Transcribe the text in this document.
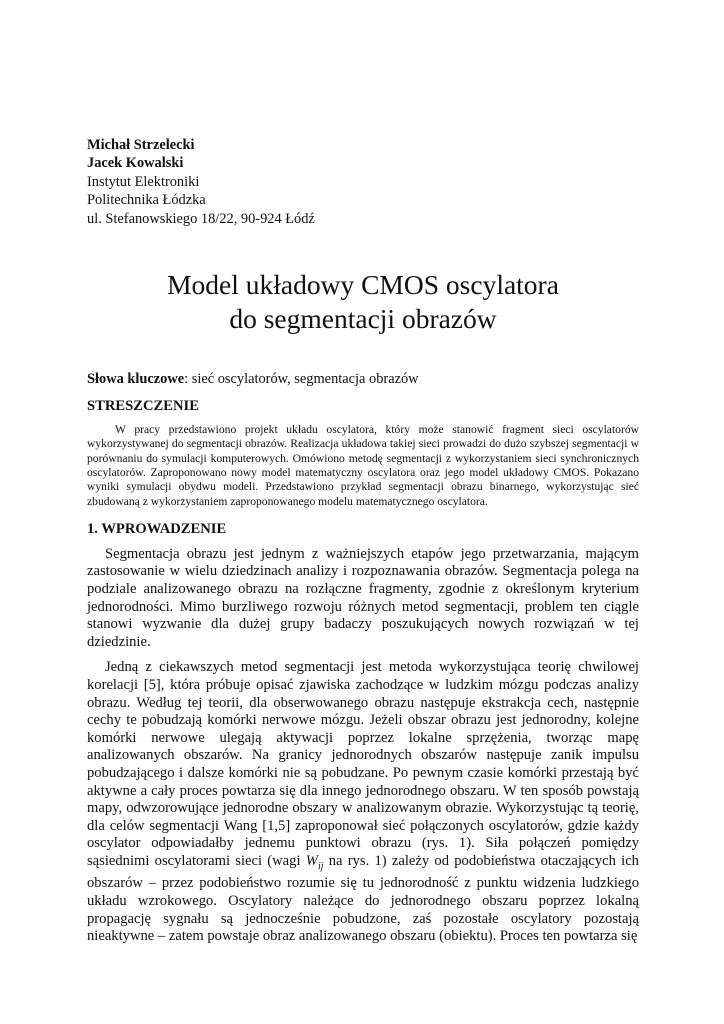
Michał Strzelecki
Jacek Kowalski
Instytut Elektroniki
Politechnika Łódzka
ul. Stefanowskiego 18/22, 90-924 Łódź
Model układowy CMOS oscylatora
do segmentacji obrazów
Słowa kluczowe: sieć oscylatorów, segmentacja obrazów
STRESZCZENIE
W pracy przedstawiono projekt układu oscylatora, który może stanowić fragment sieci oscylatorów wykorzystywanej do segmentacji obrazów. Realizacja układowa takiej sieci prowadzi do dużo szybszej segmentacji w porównaniu do symulacji komputerowych. Omówiono metodę segmentacji z wykorzystaniem sieci synchronicznych oscylatorów. Zaproponowano nowy model matematyczny oscylatora oraz jego model układowy CMOS. Pokazano wyniki symulacji obydwu modeli. Przedstawiono przykład segmentacji obrazu binarnego, wykorzystując sieć zbudowaną z wykorzystaniem zaproponowanego modelu matematycznego oscylatora.
1. WPROWADZENIE
Segmentacja obrazu jest jednym z ważniejszych etapów jego przetwarzania, mającym zastosowanie w wielu dziedzinach analizy i rozpoznawania obrazów. Segmentacja polega na podziale analizowanego obrazu na rozłączne fragmenty, zgodnie z określonym kryterium jednorodności. Mimo burzliwego rozwoju różnych metod segmentacji, problem ten ciągle stanowi wyzwanie dla dużej grupy badaczy poszukujących nowych rozwiązań w tej dziedzinie.
Jedną z ciekawszych metod segmentacji jest metoda wykorzystująca teorię chwilowej korelacji [5], która próbuje opisać zjawiska zachodzące w ludzkim mózgu podczas analizy obrazu. Według tej teorii, dla obserwowanego obrazu następuje ekstrakcja cech, następnie cechy te pobudzają komórki nerwowe mózgu. Jeżeli obszar obrazu jest jednorodny, kolejne komórki nerwowe ulegają aktywacji poprzez lokalne sprzężenia, tworząc mapę analizowanych obszarów. Na granicy jednorodnych obszarów następuje zanik impulsu pobudzającego i dalsze komórki nie są pobudzane. Po pewnym czasie komórki przestają być aktywne a cały proces powtarza się dla innego jednorodnego obszaru. W ten sposób powstają mapy, odwzorowujące jednorodne obszary w analizowanym obrazie. Wykorzystując tą teorię, dla celów segmentacji Wang [1,5] zaproponował sieć połączonych oscylatorów, gdzie każdy oscylator odpowiadałby jednemu punktowi obrazu (rys. 1). Siła połączeń pomiędzy sąsiednimi oscylatorami sieci (wagi $W_{ij}$ na rys. 1) zależy od podobieństwa otaczających ich obszarów – przez podobieństwo rozumie się tu jednorodność z punktu widzenia ludzkiego układu wzrokowego. Oscylatory należące do jednorodnego obszaru poprzez lokalną propagację sygnału są jednocześnie pobudzone, zaś pozostałe oscylatory pozostają nieaktywne – zatem powstaje obraz analizowanego obszaru (obiektu). Proces ten powtarza się
